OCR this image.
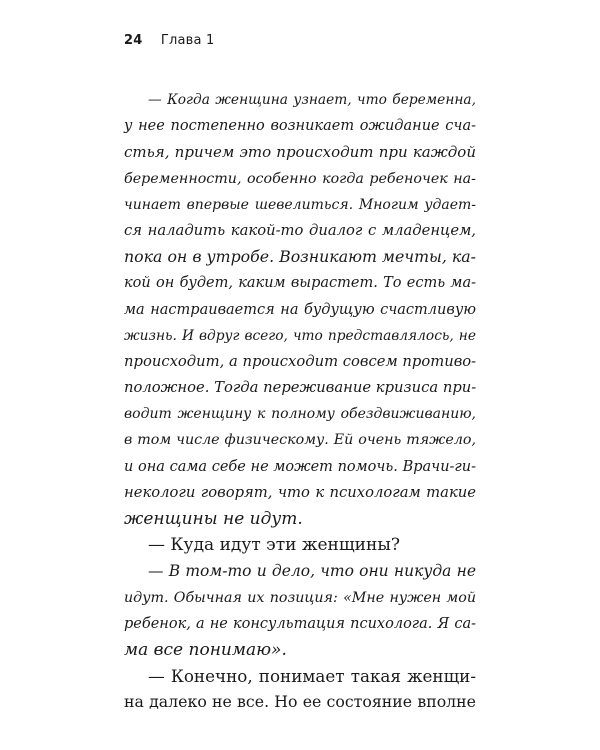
24 Глава 1
— Когда женщина узнает, что беременна,
у нее постепенно возникает ожидание сча-
стья, причем это происходит при каждой
беременности, особенно когда ребеночек на-
чинает впервые шевелиться. Многим удает-
ся наладить какой-то диалог с младенцем,
пока он в утробе. Возникают мечты, ка-
кой он будет, каким вырастет. То есть ма-
ма настраивается на будущую счастливую
жизнь. И вдруг всего, что представлялось, не
происходит, а происходит совсем противо-
положное. Тогда переживание кризиса при-
водит женщину к полному обездвиживанию,
в том числе физическому. Ей очень тяжело,
и она сама себе не может помочь. Врачи-ги-
некологи говорят, что к психологам такие
женщины не идут.
— Куда идут эти женщины?
— В том-то и дело, что они никуда не
идут. Обычная их позиция: «Мне нужен мой
ребенок, а не консультация психолога. Я са-
ма все понимаю».
— Конечно, понимает такая женщи-
на далеко не все. Но ее состояние вполне
